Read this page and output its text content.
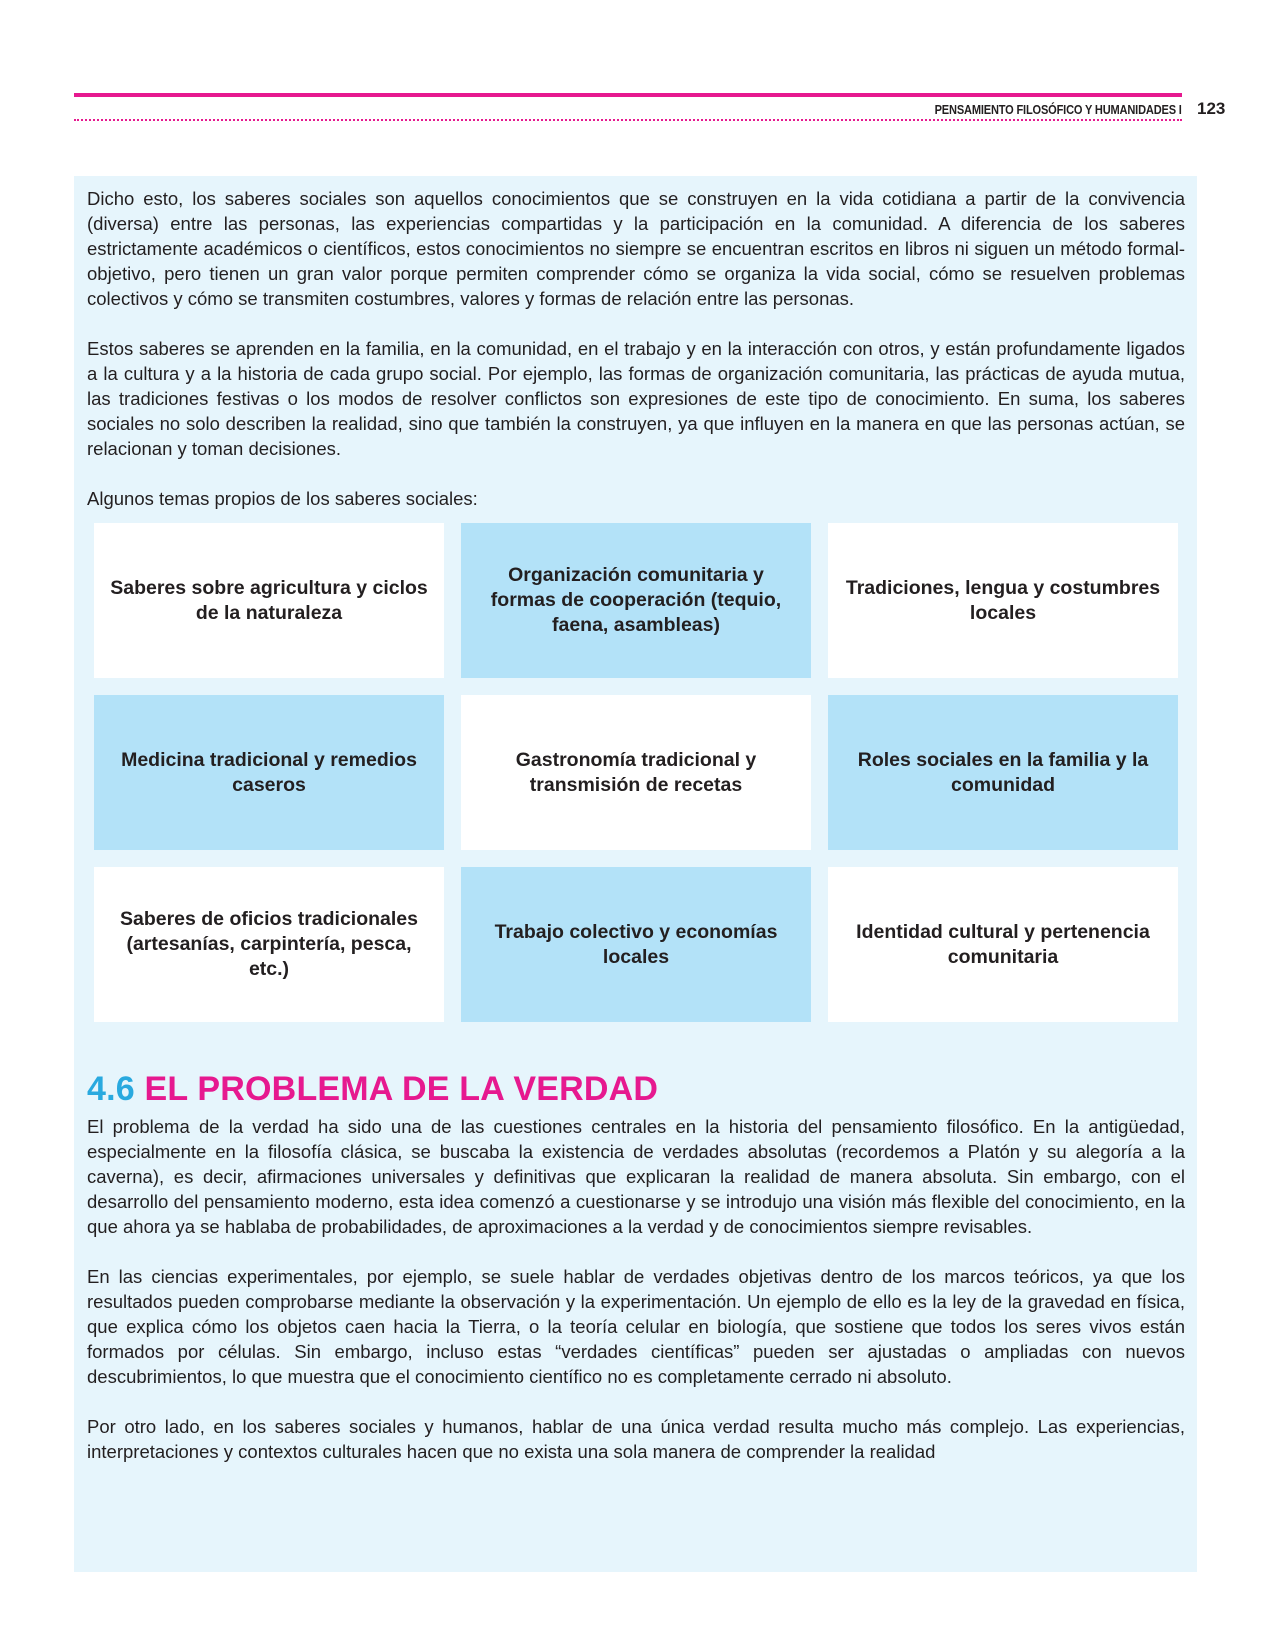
PENSAMIENTO FILOSÓFICO Y HUMANIDADES I 123

Dicho esto, los saberes sociales son aquellos conocimientos que se construyen en la vida cotidiana a partir de la convivencia (diversa) entre las personas, las experiencias compartidas y la participación en la comunidad. A diferencia de los saberes estrictamente académicos o científicos, estos conocimientos no siempre se encuentran escritos en libros ni siguen un método formal-objetivo, pero tienen un gran valor porque permiten comprender cómo se organiza la vida social, cómo se resuelven problemas colectivos y cómo se transmiten costumbres, valores y formas de relación entre las personas.

Estos saberes se aprenden en la familia, en la comunidad, en el trabajo y en la interacción con otros, y están profundamente ligados a la cultura y a la historia de cada grupo social. Por ejemplo, las formas de organización comunitaria, las prácticas de ayuda mutua, las tradiciones festivas o los modos de resolver conflictos son expresiones de este tipo de conocimiento. En suma, los saberes sociales no solo describen la realidad, sino que también la construyen, ya que influyen en la manera en que las personas actúan, se relacionan y toman decisiones.

Algunos temas propios de los saberes sociales:

Saberes sobre agricultura y ciclos de la naturaleza
Organización comunitaria y formas de cooperación (tequio, faena, asambleas)
Tradiciones, lengua y costumbres locales
Medicina tradicional y remedios caseros
Gastronomía tradicional y transmisión de recetas
Roles sociales en la familia y la comunidad
Saberes de oficios tradicionales (artesanías, carpintería, pesca, etc.)
Trabajo colectivo y economías locales
Identidad cultural y pertenencia comunitaria
4.6 EL PROBLEMA DE LA VERDAD

El problema de la verdad ha sido una de las cuestiones centrales en la historia del pensamiento filosófico. En la antigüedad, especialmente en la filosofía clásica, se buscaba la existencia de verdades absolutas (recordemos a Platón y su alegoría a la caverna), es decir, afirmaciones universales y definitivas que explicaran la realidad de manera absoluta. Sin embargo, con el desarrollo del pensamiento moderno, esta idea comenzó a cuestionarse y se introdujo una visión más flexible del conocimiento, en la que ahora ya se hablaba de probabilidades, de aproximaciones a la verdad y de conocimientos siempre revisables.

En las ciencias experimentales, por ejemplo, se suele hablar de verdades objetivas dentro de los marcos teóricos, ya que los resultados pueden comprobarse mediante la observación y la experimentación. Un ejemplo de ello es la ley de la gravedad en física, que explica cómo los objetos caen hacia la Tierra, o la teoría celular en biología, que sostiene que todos los seres vivos están formados por células. Sin embargo, incluso estas “verdades científicas” pueden ser ajustadas o ampliadas con nuevos descubrimientos, lo que muestra que el conocimiento científico no es completamente cerrado ni absoluto.

Por otro lado, en los saberes sociales y humanos, hablar de una única verdad resulta mucho más complejo. Las experiencias, interpretaciones y contextos culturales hacen que no exista una sola manera de comprender la realidad
